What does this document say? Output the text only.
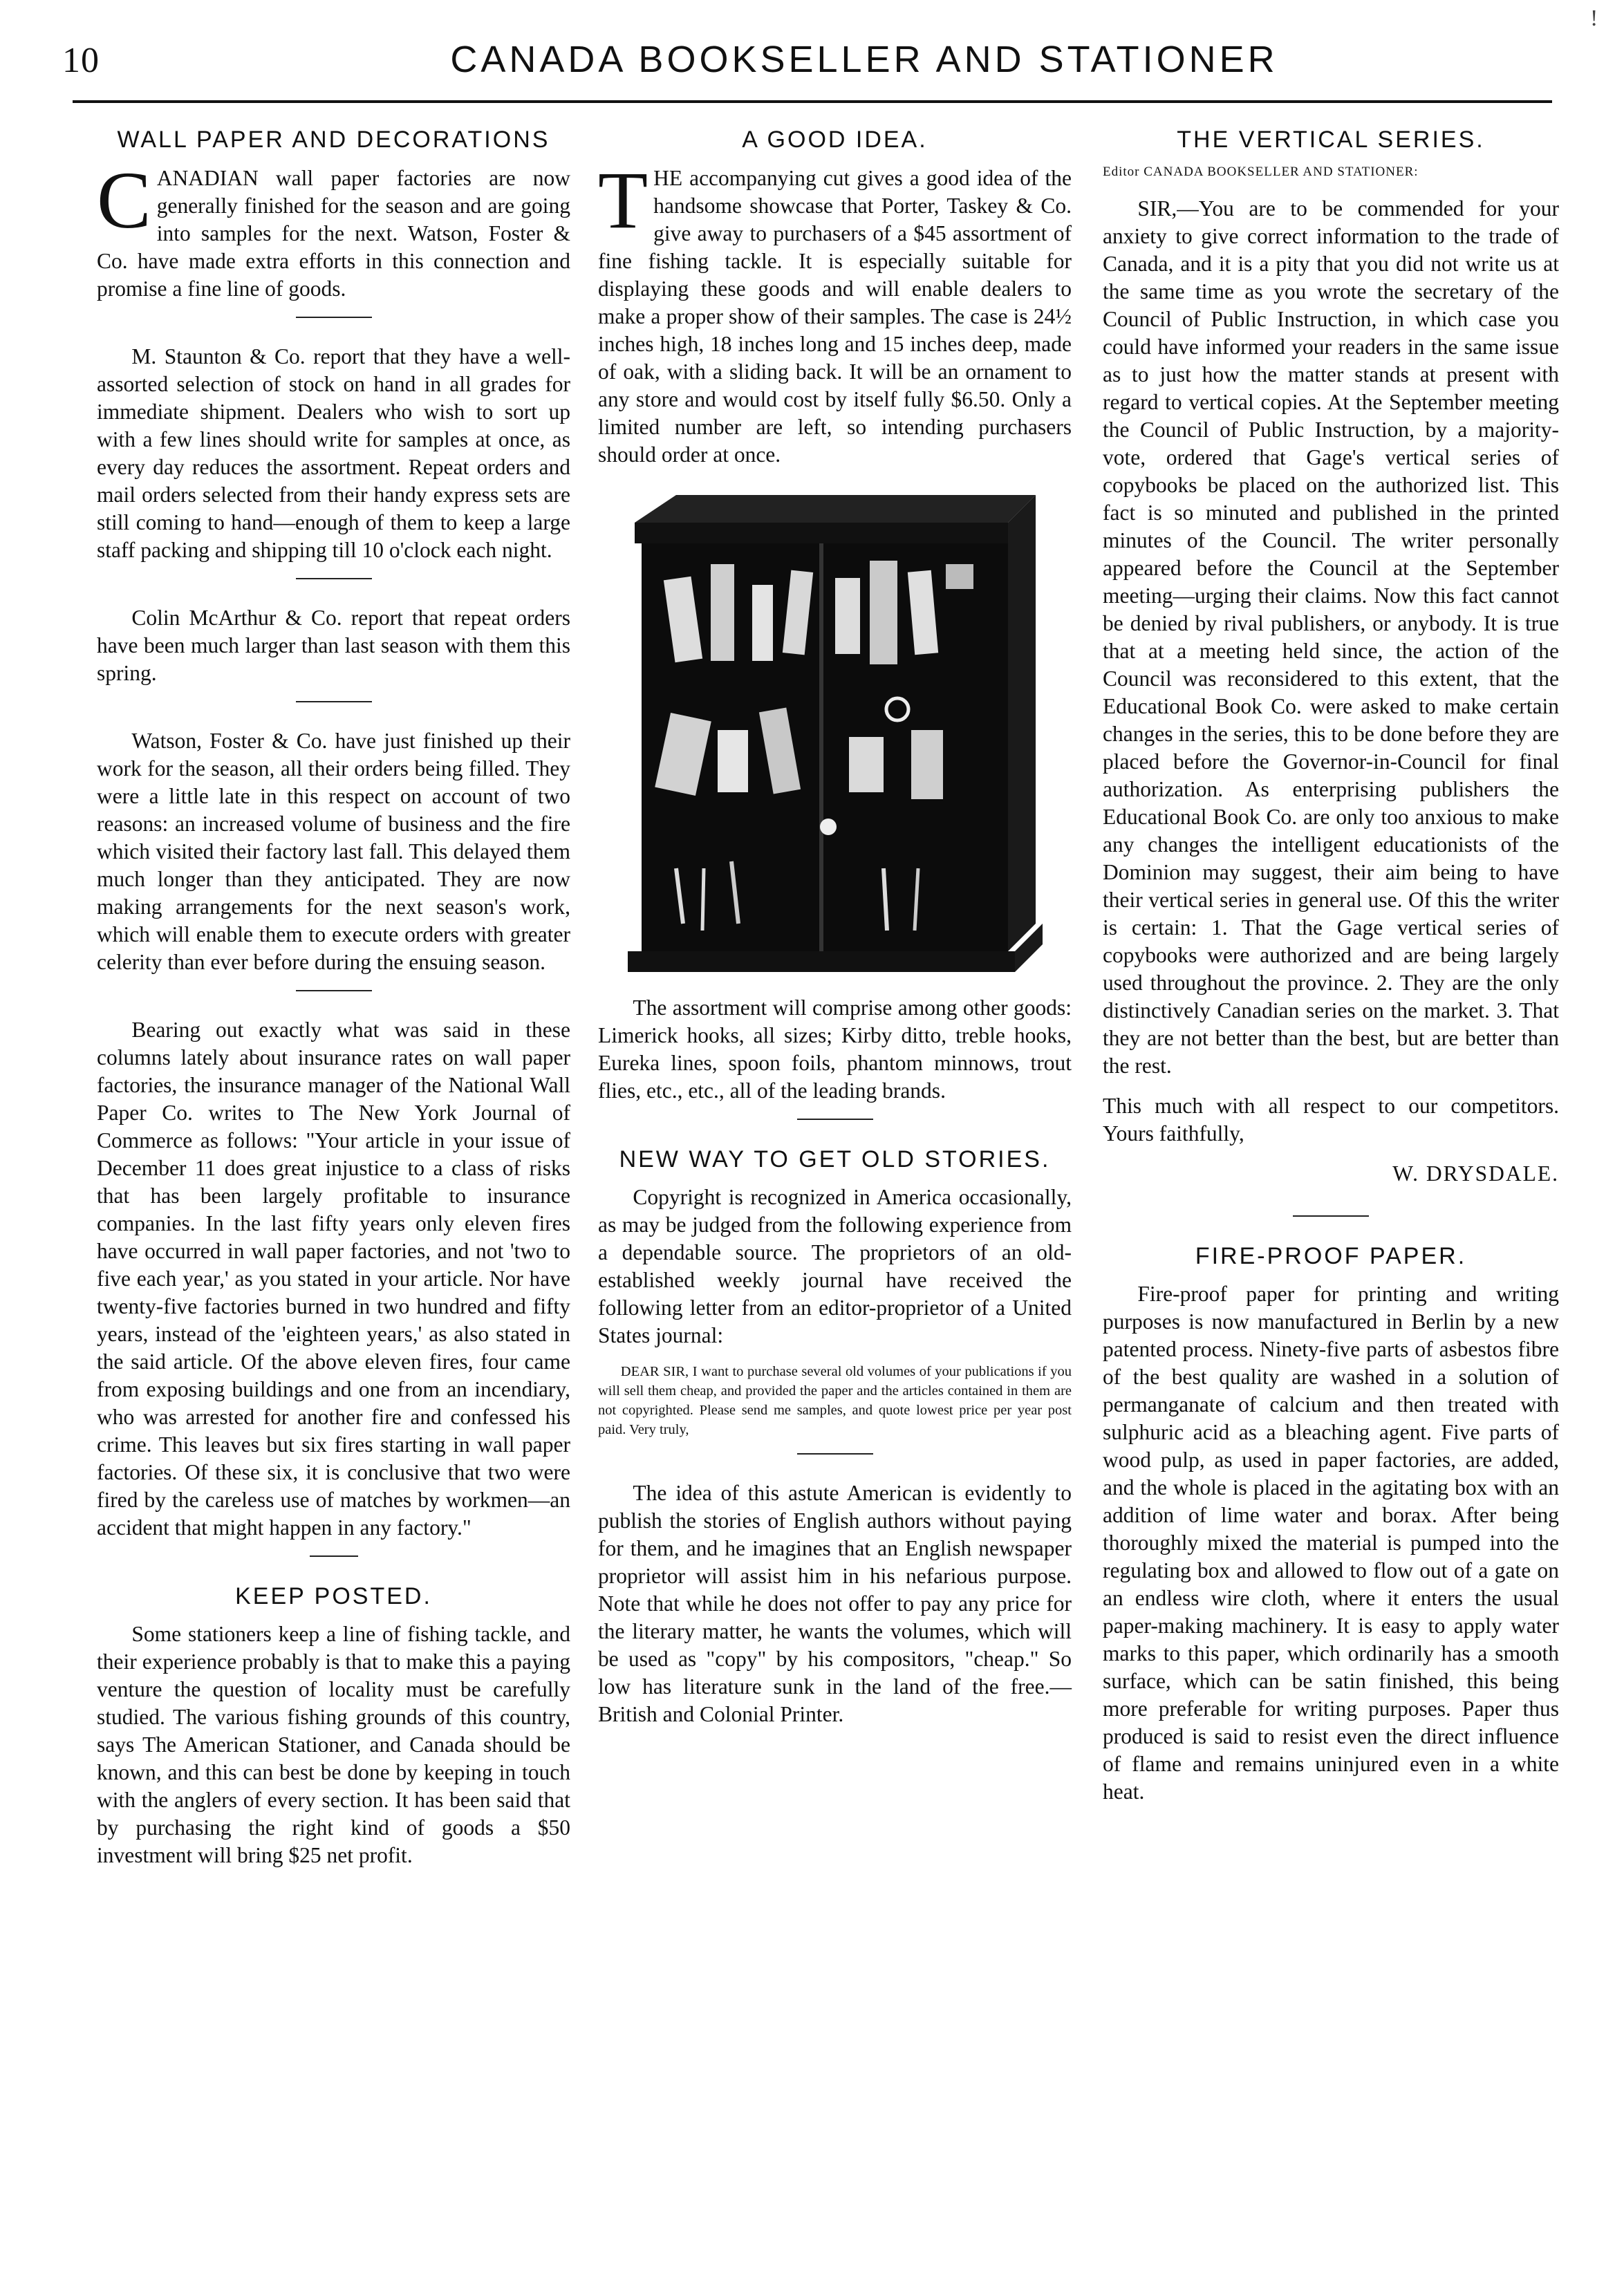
10	CANADA BOOKSELLER AND STATIONER
!
WALL PAPER AND DECORATIONS

CANADIAN wall paper factories are now generally finished for the season and are going into samples for the next. Watson, Foster & Co. have made extra efforts in this connection and promise a fine line of goods.

M. Staunton & Co. report that they have a well-assorted selection of stock on hand in all grades for immediate shipment. Dealers who wish to sort up with a few lines should write for samples at once, as every day reduces the assortment. Repeat orders and mail orders selected from their handy express sets are still coming to hand—enough of them to keep a large staff packing and shipping till 10 o'clock each night.

Colin McArthur & Co. report that repeat orders have been much larger than last season with them this spring.

Watson, Foster & Co. have just finished up their work for the season, all their orders being filled. They were a little late in this respect on account of two reasons: an increased volume of business and the fire which visited their factory last fall. This delayed them much longer than they anticipated. They are now making arrangements for the next season's work, which will enable them to execute orders with greater celerity than ever before during the ensuing season.

Bearing out exactly what was said in these columns lately about insurance rates on wall paper factories, the insurance manager of the National Wall Paper Co. writes to The New York Journal of Commerce as follows: "Your article in your issue of December 11 does great injustice to a class of risks that has been largely profitable to insurance companies. In the last fifty years only eleven fires have occurred in wall paper factories, and not 'two to five each year,' as you stated in your article. Nor have twenty-five factories burned in two hundred and fifty years, instead of the 'eighteen years,' as also stated in the said article. Of the above eleven fires, four came from exposing buildings and one from an incendiary, who was arrested for another fire and confessed his crime. This leaves but six fires starting in wall paper factories. Of these six, it is conclusive that two were fired by the careless use of matches by workmen—an accident that might happen in any factory."

KEEP POSTED.

Some stationers keep a line of fishing tackle, and their experience probably is that to make this a paying venture the question of locality must be carefully studied. The various fishing grounds of this country, says The American Stationer, and Canada should be known, and this can best be done by keeping in touch with the anglers of every section. It has been said that by purchasing the right kind of goods a $50 investment will bring $25 net profit.

A GOOD IDEA.

THE accompanying cut gives a good idea of the handsome showcase that Porter, Taskey & Co. give away to purchasers of a $45 assortment of fine fishing tackle. It is especially suitable for displaying these goods and will enable dealers to make a proper show of their samples. The case is 24½ inches high, 18 inches long and 15 inches deep, made of oak, with a sliding back. It will be an ornament to any store and would cost by itself fully $6.50. Only a limited number are left, so intending purchasers should order at once.

The assortment will comprise among other goods: Limerick hooks, all sizes; Kirby ditto, treble hooks, Eureka lines, spoon foils, phantom minnows, trout flies, etc., etc., all of the leading brands.

NEW WAY TO GET OLD STORIES.

Copyright is recognized in America occasionally, as may be judged from the following experience from a dependable source. The proprietors of an old-established weekly journal have received the following letter from an editor-proprietor of a United States journal:

DEAR SIR, I want to purchase several old volumes of your publications if you will sell them cheap, and provided the paper and the articles contained in them are not copyrighted. Please send me samples, and quote lowest price per year post paid. Very truly,

The idea of this astute American is evidently to publish the stories of English authors without paying for them, and he imagines that an English newspaper proprietor will assist him in his nefarious purpose. Note that while he does not offer to pay any price for the literary matter, he wants the volumes, which will be used as "copy" by his compositors, "cheap." So low has literature sunk in the land of the free.—British and Colonial Printer.

THE VERTICAL SERIES.
Editor CANADA BOOKSELLER AND STATIONER:

SIR,—You are to be commended for your anxiety to give correct information to the trade of Canada, and it is a pity that you did not write us at the same time as you wrote the secretary of the Council of Public Instruction, in which case you could have informed your readers in the same issue as to just how the matter stands at present with regard to vertical copies. At the September meeting the Council of Public Instruction, by a majority-vote, ordered that Gage's vertical series of copybooks be placed on the authorized list. This fact is so minuted and published in the printed minutes of the Council. The writer personally appeared before the Council at the September meeting—urging their claims. Now this fact cannot be denied by rival publishers, or anybody. It is true that at a meeting held since, the action of the Council was reconsidered to this extent, that the Educational Book Co. were asked to make certain changes in the series, this to be done before they are placed before the Governor-in-Council for final authorization. As enterprising publishers the Educational Book Co. are only too anxious to make any changes the intelligent educationists of the Dominion may suggest, their aim being to have their vertical series in general use. Of this the writer is certain: 1. That the Gage vertical series of copybooks were authorized and are being largely used throughout the province. 2. They are the only distinctively Canadian series on the market. 3. That they are not better than the best, but are better than the rest.

This much with all respect to our competitors. Yours faithfully,

W. DRYSDALE.

FIRE-PROOF PAPER.

Fire-proof paper for printing and writing purposes is now manufactured in Berlin by a new patented process. Ninety-five parts of asbestos fibre of the best quality are washed in a solution of permanganate of calcium and then treated with sulphuric acid as a bleaching agent. Five parts of wood pulp, as used in paper factories, are added, and the whole is placed in the agitating box with an addition of lime water and borax. After being thoroughly mixed the material is pumped into the regulating box and allowed to flow out of a gate on an endless wire cloth, where it enters the usual paper-making machinery. It is easy to apply water marks to this paper, which ordinarily has a smooth surface, which can be satin finished, this being more preferable for writing purposes. Paper thus produced is said to resist even the direct influence of flame and remains uninjured even in a white heat.
